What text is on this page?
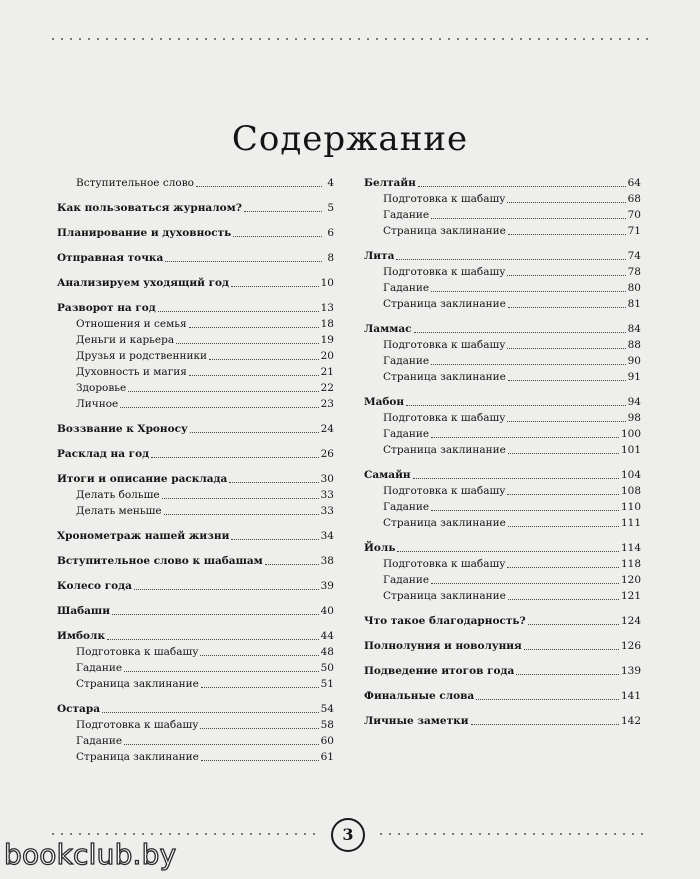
Содержание
Вступительное слово	4
Как пользоваться журналом?	5
Планирование и духовность	6
Отправная точка	8
Анализируем уходящий год	10
Разворот на год	13
Отношения и семья	18
Деньги и карьера	19
Друзья и родственники	20
Духовность и магия	21
Здоровье	22
Личное	23
Воззвание к Хроносу	24
Расклад на год	26
Итоги и описание расклада	30
Делать больше	33
Делать меньше	33
Хронометраж нашей жизни	34
Вступительное слово к шабашам	38
Колесо года	39
Шабаши	40
Имболк	44
Подготовка к шабашу	48
Гадание	50
Страница заклинание	51
Остара	54
Подготовка к шабашу	58
Гадание	60
Страница заклинание	61
Белтайн	64
Подготовка к шабашу	68
Гадание	70
Страница заклинание	71
Лита	74
Подготовка к шабашу	78
Гадание	80
Страница заклинание	81
Ламмас	84
Подготовка к шабашу	88
Гадание	90
Страница заклинание	91
Мабон	94
Подготовка к шабашу	98
Гадание	100
Страница заклинание	101
Самайн	104
Подготовка к шабашу	108
Гадание	110
Страница заклинание	111
Йоль	114
Подготовка к шабашу	118
Гадание	120
Страница заклинание	121
Что такое благодарность?	124
Полнолуния и новолуния	126
Подведение итогов года	139
Финальные слова	141
Личные заметки	142
3
bookclub.by
